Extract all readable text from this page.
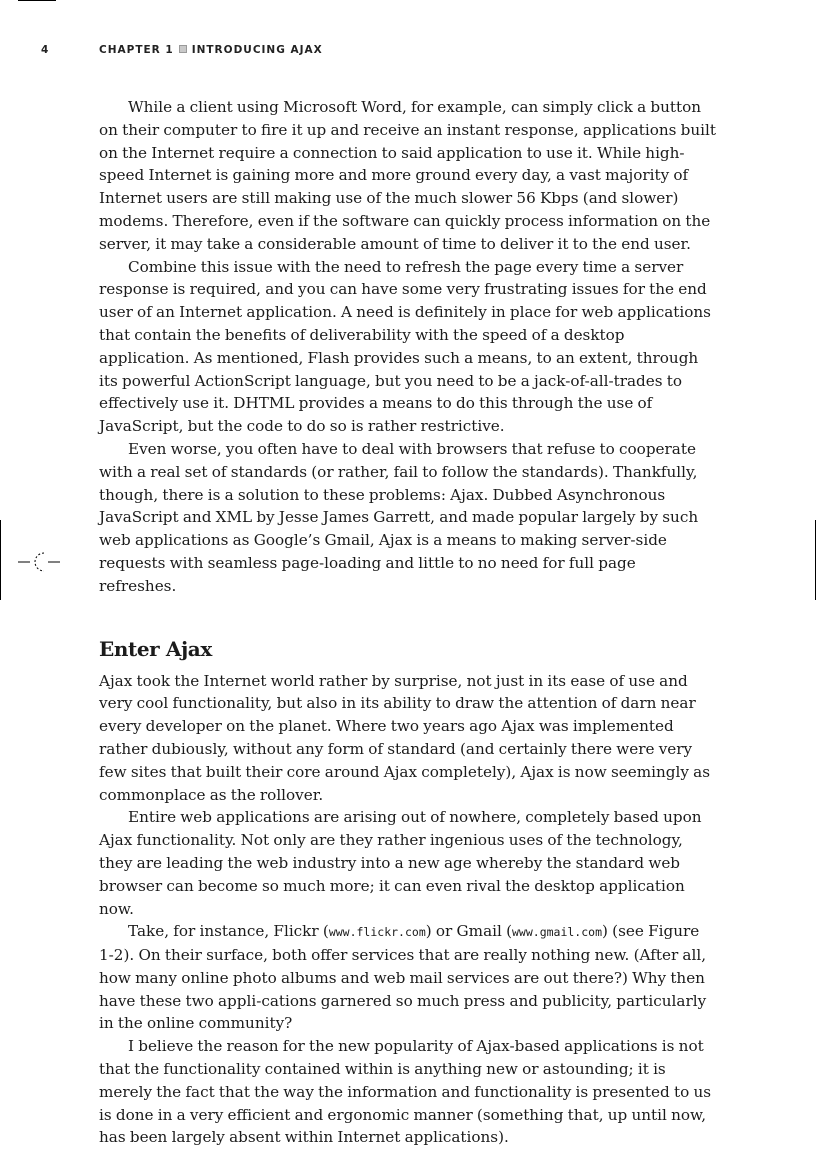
4	CHAPTER 1 INTRODUCING AJAX

While a client using Microsoft Word, for example, can simply click a button on their computer to fire it up and receive an instant response, applications built on the Internet require a connection to said application to use it. While high-speed Internet is gaining more and more ground every day, a vast majority of Internet users are still making use of the much slower 56 Kbps (and slower) modems. Therefore, even if the software can quickly process information on the server, it may take a considerable amount of time to deliver it to the end user.

Combine this issue with the need to refresh the page every time a server response is required, and you can have some very frustrating issues for the end user of an Internet application. A need is definitely in place for web applications that contain the benefits of deliverability with the speed of a desktop application. As mentioned, Flash provides such a means, to an extent, through its powerful ActionScript language, but you need to be a jack-of-all-trades to effectively use it. DHTML provides a means to do this through the use of JavaScript, but the code to do so is rather restrictive.

Even worse, you often have to deal with browsers that refuse to cooperate with a real set of standards (or rather, fail to follow the standards). Thankfully, though, there is a solution to these problems: Ajax. Dubbed Asynchronous JavaScript and XML by Jesse James Garrett, and made popular largely by such web applications as Google’s Gmail, Ajax is a means to making server-side requests with seamless page-loading and little to no need for full page refreshes.

Enter Ajax

Ajax took the Internet world rather by surprise, not just in its ease of use and very cool functionality, but also in its ability to draw the attention of darn near every developer on the planet. Where two years ago Ajax was implemented rather dubiously, without any form of standard (and certainly there were very few sites that built their core around Ajax completely), Ajax is now seemingly as commonplace as the rollover.

Entire web applications are arising out of nowhere, completely based upon Ajax functionality. Not only are they rather ingenious uses of the technology, they are leading the web industry into a new age whereby the standard web browser can become so much more; it can even rival the desktop application now.

Take, for instance, Flickr (www.flickr.com) or Gmail (www.gmail.com) (see Figure 1-2). On their surface, both offer services that are really nothing new. (After all, how many online photo albums and web mail services are out there?) Why then have these two appli-cations garnered so much press and publicity, particularly in the online community?

I believe the reason for the new popularity of Ajax-based applications is not that the functionality contained within is anything new or astounding; it is merely the fact that the way the information and functionality is presented to us is done in a very efficient and ergonomic manner (something that, up until now, has been largely absent within Internet applications).
